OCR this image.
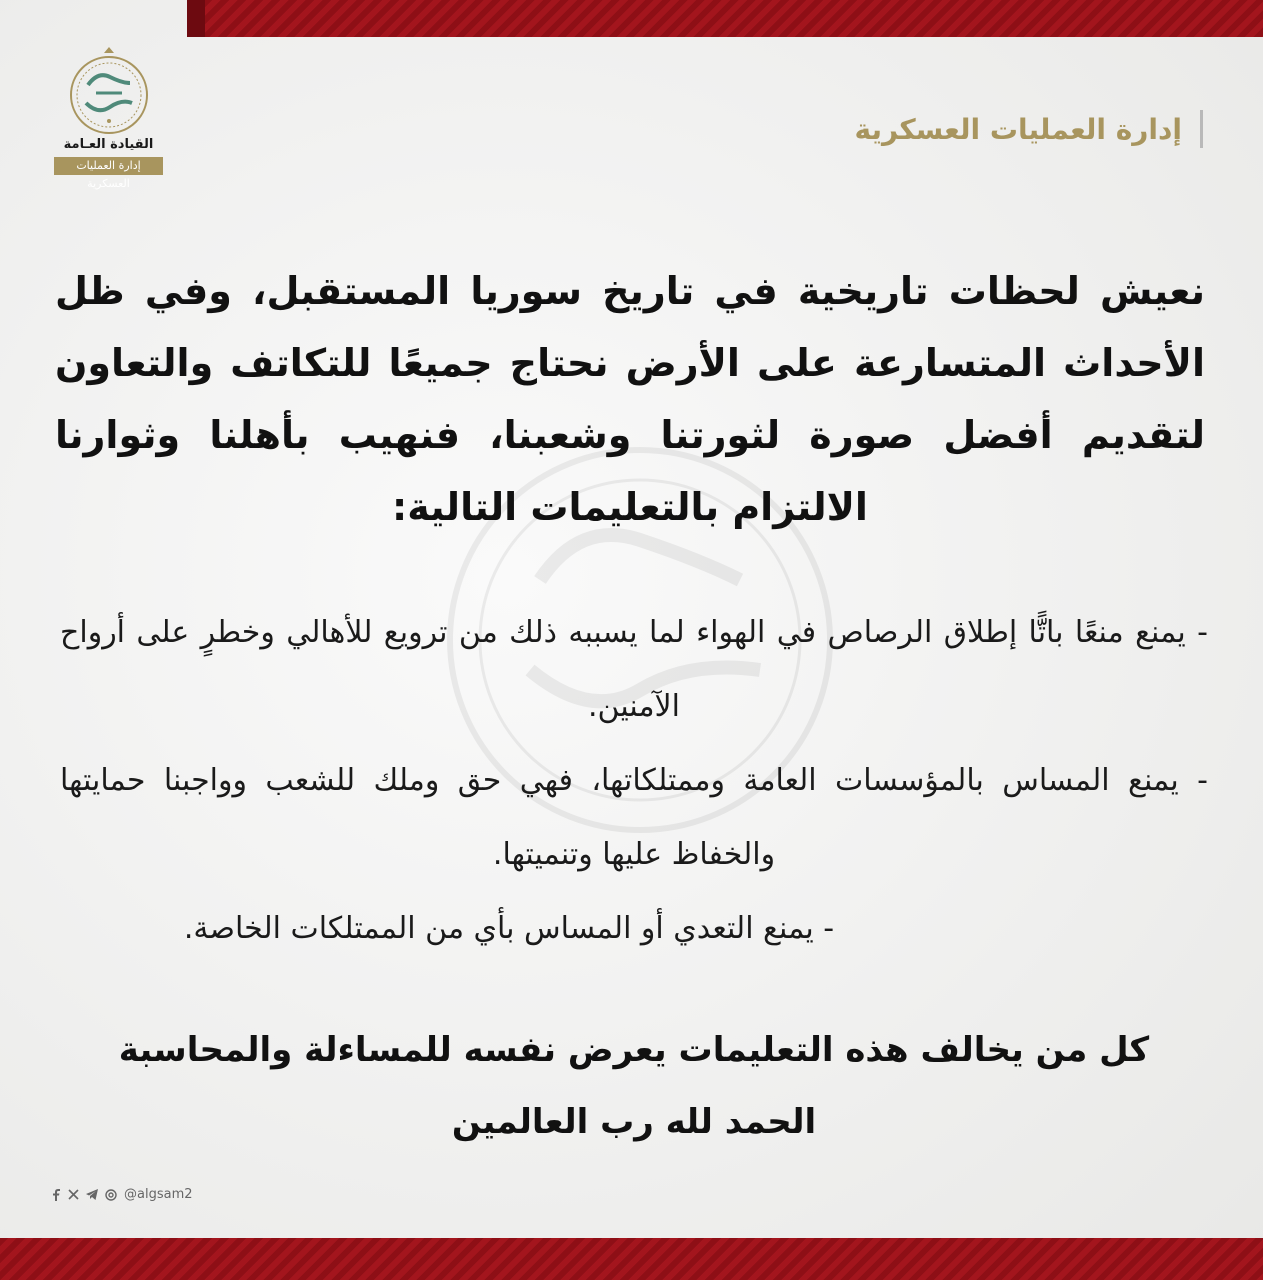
القيادة العـامة
إدارة العمليات العسكرية
إدارة العمليات العسكرية
نعيش لحظات تاريخية في تاريخ سوريا المستقبل، وفي ظل الأحداث المتسارعة على الأرض نحتاج جميعًا للتكاتف والتعاون لتقديم أفضل صورة لثورتنا وشعبنا، فنهيب بأهلنا وثوارنا الالتزام بالتعليمات التالية:

- يمنع منعًا باتًّا إطلاق الرصاص في الهواء لما يسببه ذلك من ترويع للأهالي وخطرٍ على أرواح الآمنين.

- يمنع المساس بالمؤسسات العامة وممتلكاتها، فهي حق وملك للشعب وواجبنا حمايتها والخفاظ عليها وتنميتها.

- يمنع التعدي أو المساس بأي من الممتلكات الخاصة.

كل من يخالف هذه التعليمات يعرض نفسه للمساءلة والمحاسبة
الحمد لله رب العالمين
@algsam2
